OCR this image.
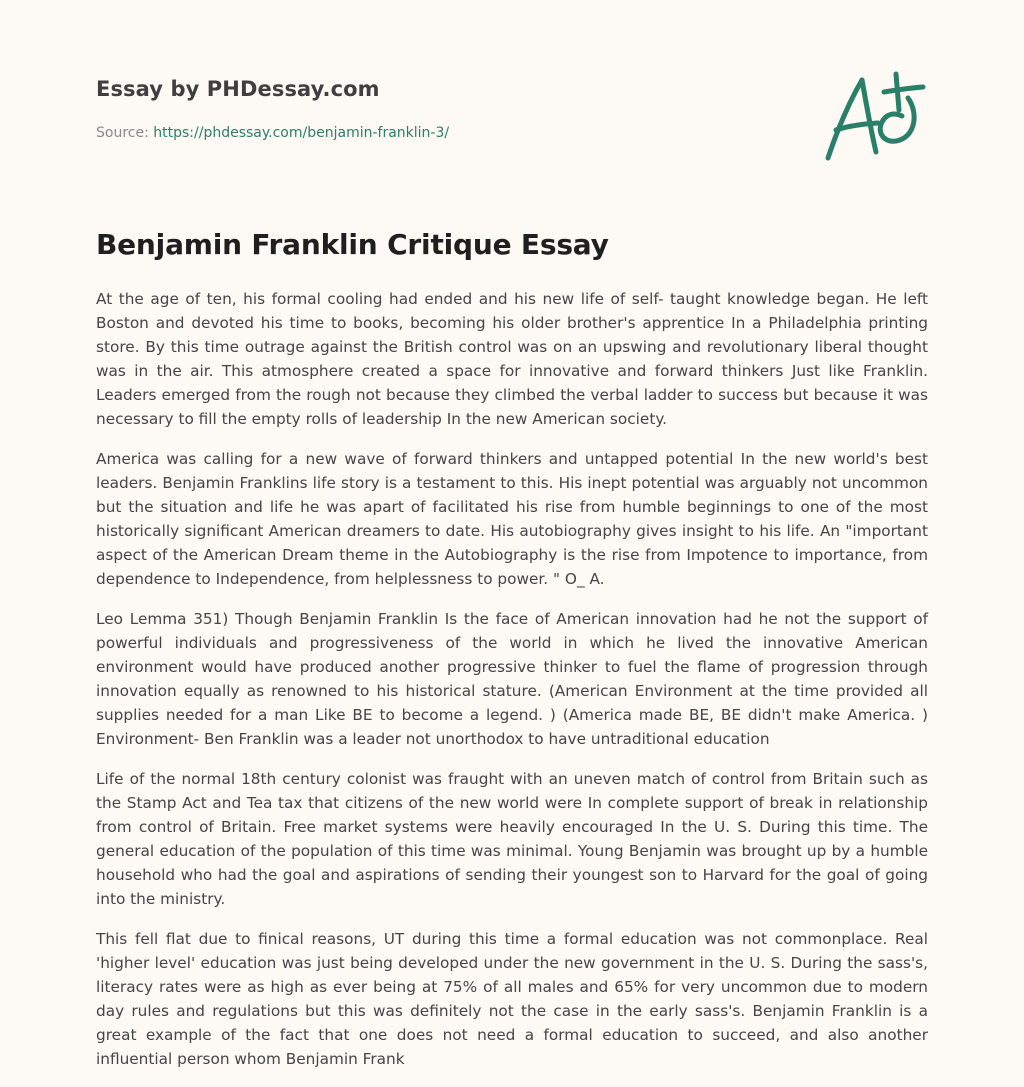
Essay by PHDessay.com
Source: https://phdessay.com/benjamin-franklin-3/
Benjamin Franklin Critique Essay

At the age of ten, his formal cooling had ended and his new life of self- taught knowledge began. He left Boston and devoted his time to books, becoming his older brother's apprentice In a Philadelphia printing store. By this time outrage against the British control was on an upswing and revolutionary liberal thought was in the air. This atmosphere created a space for innovative and forward thinkers Just like Franklin. Leaders emerged from the rough not because they climbed the verbal ladder to success but because it was necessary to fill the empty rolls of leadership In the new American society.

America was calling for a new wave of forward thinkers and untapped potential In the new world's best leaders. Benjamin Franklins life story is a testament to this. His inept potential was arguably not uncommon but the situation and life he was apart of facilitated his rise from humble beginnings to one of the most historically significant American dreamers to date. His autobiography gives insight to his life. An "important aspect of the American Dream theme in the Autobiography is the rise from Impotence to importance, from dependence to Independence, from helplessness to power. " O_ A.

Leo Lemma 351) Though Benjamin Franklin Is the face of American innovation had he not the support of powerful individuals and progressiveness of the world in which he lived the innovative American environment would have produced another progressive thinker to fuel the flame of progression through innovation equally as renowned to his historical stature. (American Environment at the time provided all supplies needed for a man Like BE to become a legend. ) (America made BE, BE didn't make America. ) Environment- Ben Franklin was a leader not unorthodox to have untraditional education

Life of the normal 18th century colonist was fraught with an uneven match of control from Britain such as the Stamp Act and Tea tax that citizens of the new world were In complete support of break in relationship from control of Britain. Free market systems were heavily encouraged In the U. S. During this time. The general education of the population of this time was minimal. Young Benjamin was brought up by a humble household who had the goal and aspirations of sending their youngest son to Harvard for the goal of going into the ministry.

This fell flat due to finical reasons, UT during this time a formal education was not commonplace. Real 'higher level' education was just being developed under the new government in the U. S. During the sass's, literacy rates were as high as ever being at 75% of all males and 65% for very uncommon due to modern day rules and regulations but this was definitely not the case in the early sass's. Benjamin Franklin is a great example of the fact that one does not need a formal education to succeed, and also another influential person whom Benjamin Frank
